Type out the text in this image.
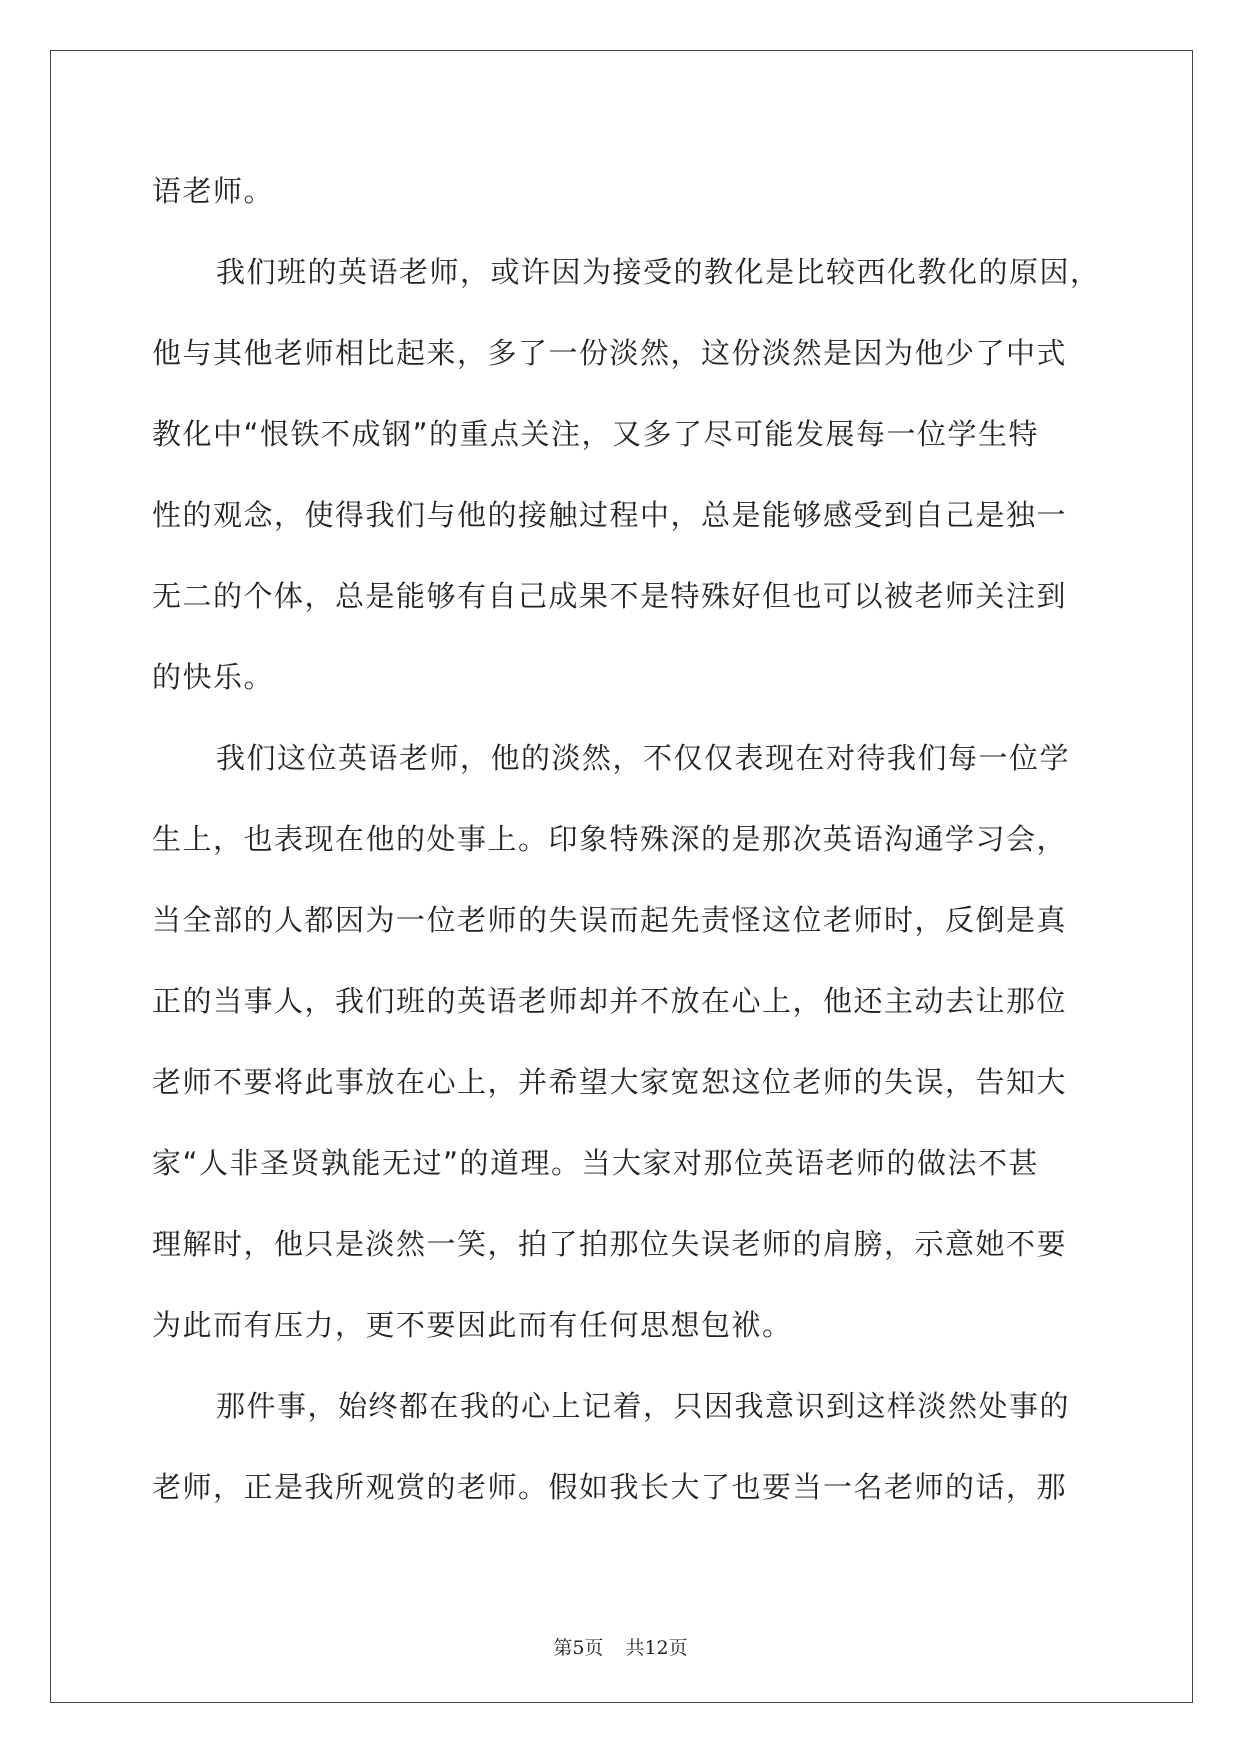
语老师。
我们班的英语老师，或许因为接受的教化是比较西化教化的原因，
他与其他老师相比起来，多了一份淡然，这份淡然是因为他少了中式
教化中“恨铁不成钢”的重点关注，又多了尽可能发展每一位学生特
性的观念，使得我们与他的接触过程中，总是能够感受到自己是独一
无二的个体，总是能够有自己成果不是特殊好但也可以被老师关注到
的快乐。
我们这位英语老师，他的淡然，不仅仅表现在对待我们每一位学
生上，也表现在他的处事上。印象特殊深的是那次英语沟通学习会，
当全部的人都因为一位老师的失误而起先责怪这位老师时，反倒是真
正的当事人，我们班的英语老师却并不放在心上，他还主动去让那位
老师不要将此事放在心上，并希望大家宽恕这位老师的失误，告知大
家“人非圣贤孰能无过”的道理。当大家对那位英语老师的做法不甚
理解时，他只是淡然一笑，拍了拍那位失误老师的肩膀，示意她不要
为此而有压力，更不要因此而有任何思想包袱。
那件事，始终都在我的心上记着，只因我意识到这样淡然处事的
老师，正是我所观赏的老师。假如我长大了也要当一名老师的话，那
第5页 共12页
